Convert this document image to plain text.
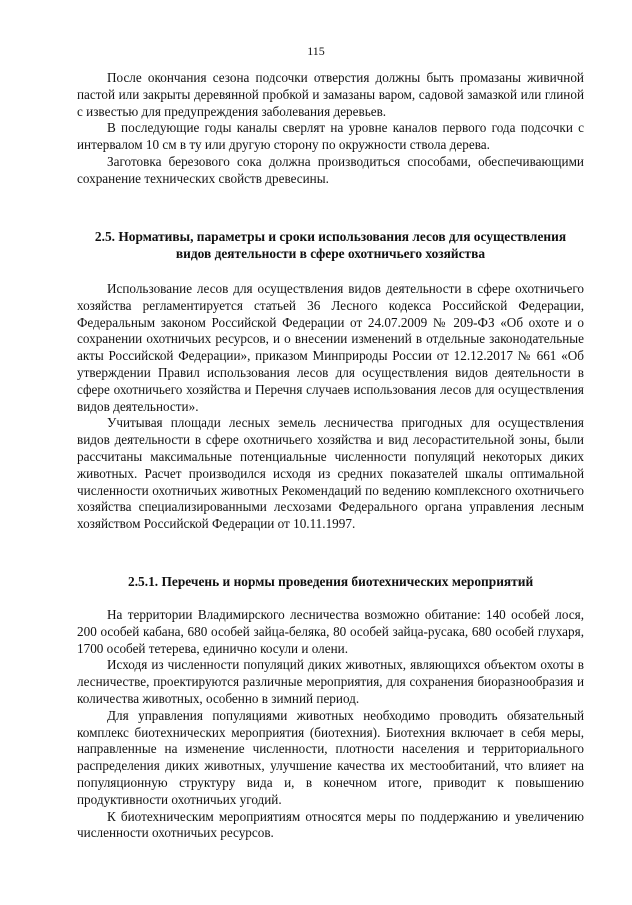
115

После окончания сезона подсочки отверстия должны быть промазаны живичной пастой или закрыты деревянной пробкой и замазаны варом, садовой замазкой или глиной с известью для предупреждения заболевания деревьев.

В последующие годы каналы сверлят на уровне каналов первого года подсочки с интервалом 10 см в ту или другую сторону по окружности ствола дерева.

Заготовка березового сока должна производиться способами, обеспечивающими сохранение технических свойств древесины.

2.5. Нормативы, параметры и сроки использования лесов для осуществления видов деятельности в сфере охотничьего хозяйства

Использование лесов для осуществления видов деятельности в сфере охотничьего хозяйства регламентируется статьей 36 Лесного кодекса Российской Федерации, Федеральным законом Российской Федерации от 24.07.2009 № 209-ФЗ «Об охоте и о сохранении охотничьих ресурсов, и о внесении изменений в отдельные законодательные акты Российской Федерации», приказом Минприроды России от 12.12.2017 № 661 «Об утверждении Правил использования лесов для осуществления видов деятельности в сфере охотничьего хозяйства и Перечня случаев использования лесов для осуществления видов деятельности».

Учитывая площади лесных земель лесничества пригодных для осуществления видов деятельности в сфере охотничьего хозяйства и вид лесорастительной зоны, были рассчитаны максимальные потенциальные численности популяций некоторых диких животных. Расчет производился исходя из средних показателей шкалы оптимальной численности охотничьих животных Рекомендаций по ведению комплексного охотничьего хозяйства специализированными лесхозами Федерального органа управления лесным хозяйством Российской Федерации от 10.11.1997.

2.5.1. Перечень и нормы проведения биотехнических мероприятий

На территории Владимирского лесничества возможно обитание: 140 особей лося, 200 особей кабана, 680 особей зайца-беляка, 80 особей зайца-русака, 680 особей глухаря, 1700 особей тетерева, единично косули и олени.

Исходя из численности популяций диких животных, являющихся объектом охоты в лесничестве, проектируются различные мероприятия, для сохранения биоразнообразия и количества животных, особенно в зимний период.

Для управления популяциями животных необходимо проводить обязательный комплекс биотехнических мероприятия (биотехния). Биотехния включает в себя меры, направленные на изменение численности, плотности населения и территориального распределения диких животных, улучшение качества их местообитаний, что влияет на популяционную структуру вида и, в конечном итоге, приводит к повышению продуктивности охотничьих угодий.

К биотехническим мероприятиям относятся меры по поддержанию и увеличению численности охотничьих ресурсов.
